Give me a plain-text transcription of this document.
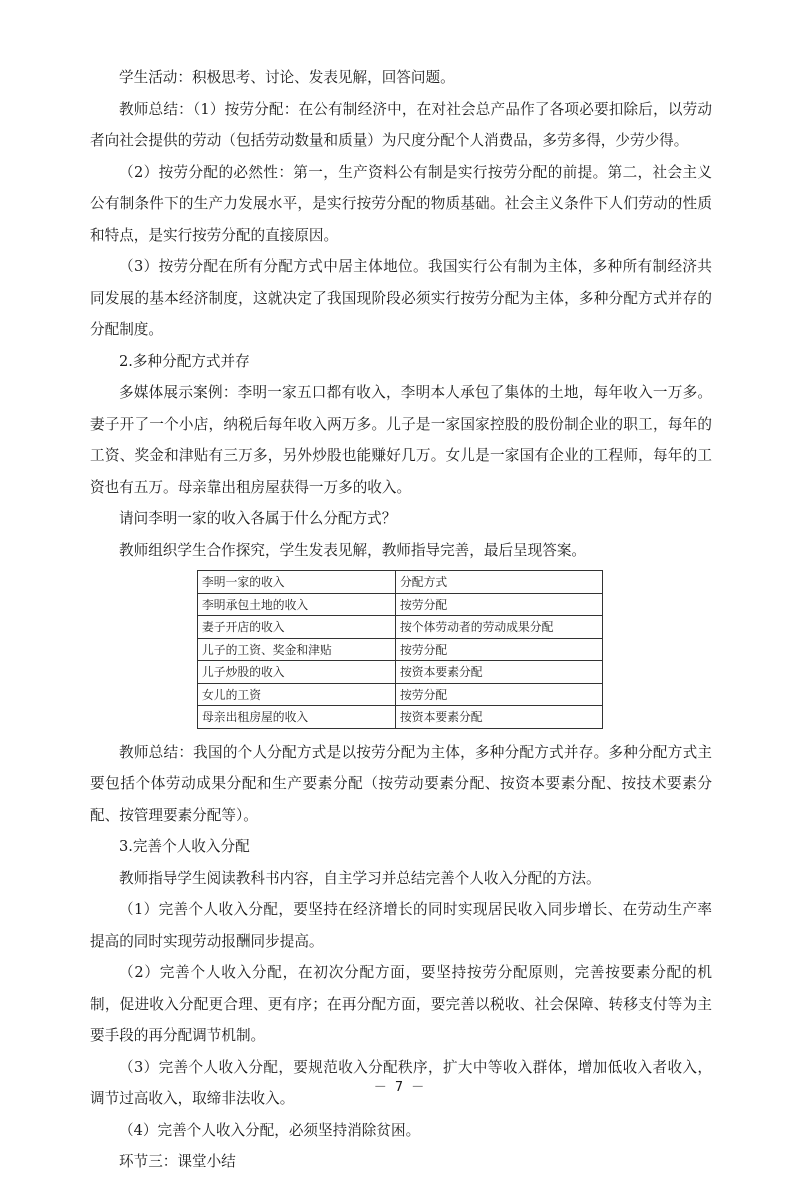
学生活动：积极思考、讨论、发表见解，回答问题。

教师总结：（1）按劳分配：在公有制经济中，在对社会总产品作了各项必要扣除后，以劳动者向社会提供的劳动（包括劳动数量和质量）为尺度分配个人消费品，多劳多得，少劳少得。

（2）按劳分配的必然性：第一，生产资料公有制是实行按劳分配的前提。第二，社会主义公有制条件下的生产力发展水平，是实行按劳分配的物质基础。社会主义条件下人们劳动的性质和特点，是实行按劳分配的直接原因。

（3）按劳分配在所有分配方式中居主体地位。我国实行公有制为主体，多种所有制经济共同发展的基本经济制度，这就决定了我国现阶段必须实行按劳分配为主体，多种分配方式并存的分配制度。

2.多种分配方式并存

多媒体展示案例：李明一家五口都有收入，李明本人承包了集体的土地，每年收入一万多。妻子开了一个小店，纳税后每年收入两万多。儿子是一家国家控股的股份制企业的职工，每年的工资、奖金和津贴有三万多，另外炒股也能赚好几万。女儿是一家国有企业的工程师，每年的工资也有五万。母亲靠出租房屋获得一万多的收入。

请问李明一家的收入各属于什么分配方式？

教师组织学生合作探究，学生发表见解，教师指导完善，最后呈现答案。

李明一家的收入	分配方式
李明承包土地的收入	按劳分配
妻子开店的收入	按个体劳动者的劳动成果分配
儿子的工资、奖金和津贴	按劳分配
儿子炒股的收入	按资本要素分配
女儿的工资	按劳分配
母亲出租房屋的收入	按资本要素分配

教师总结：我国的个人分配方式是以按劳分配为主体，多种分配方式并存。多种分配方式主要包括个体劳动成果分配和生产要素分配（按劳动要素分配、按资本要素分配、按技术要素分配、按管理要素分配等）。

3.完善个人收入分配

教师指导学生阅读教科书内容，自主学习并总结完善个人收入分配的方法。

（1）完善个人收入分配，要坚持在经济增长的同时实现居民收入同步增长、在劳动生产率提高的同时实现劳动报酬同步提高。

（2）完善个人收入分配，在初次分配方面，要坚持按劳分配原则，完善按要素分配的机制，促进收入分配更合理、更有序；在再分配方面，要完善以税收、社会保障、转移支付等为主要手段的再分配调节机制。

（3）完善个人收入分配，要规范收入分配秩序，扩大中等收入群体，增加低收入者收入，调节过高收入，取缔非法收入。

（4）完善个人收入分配，必须坚持消除贫困。

环节三：课堂小结

－ 7 －
